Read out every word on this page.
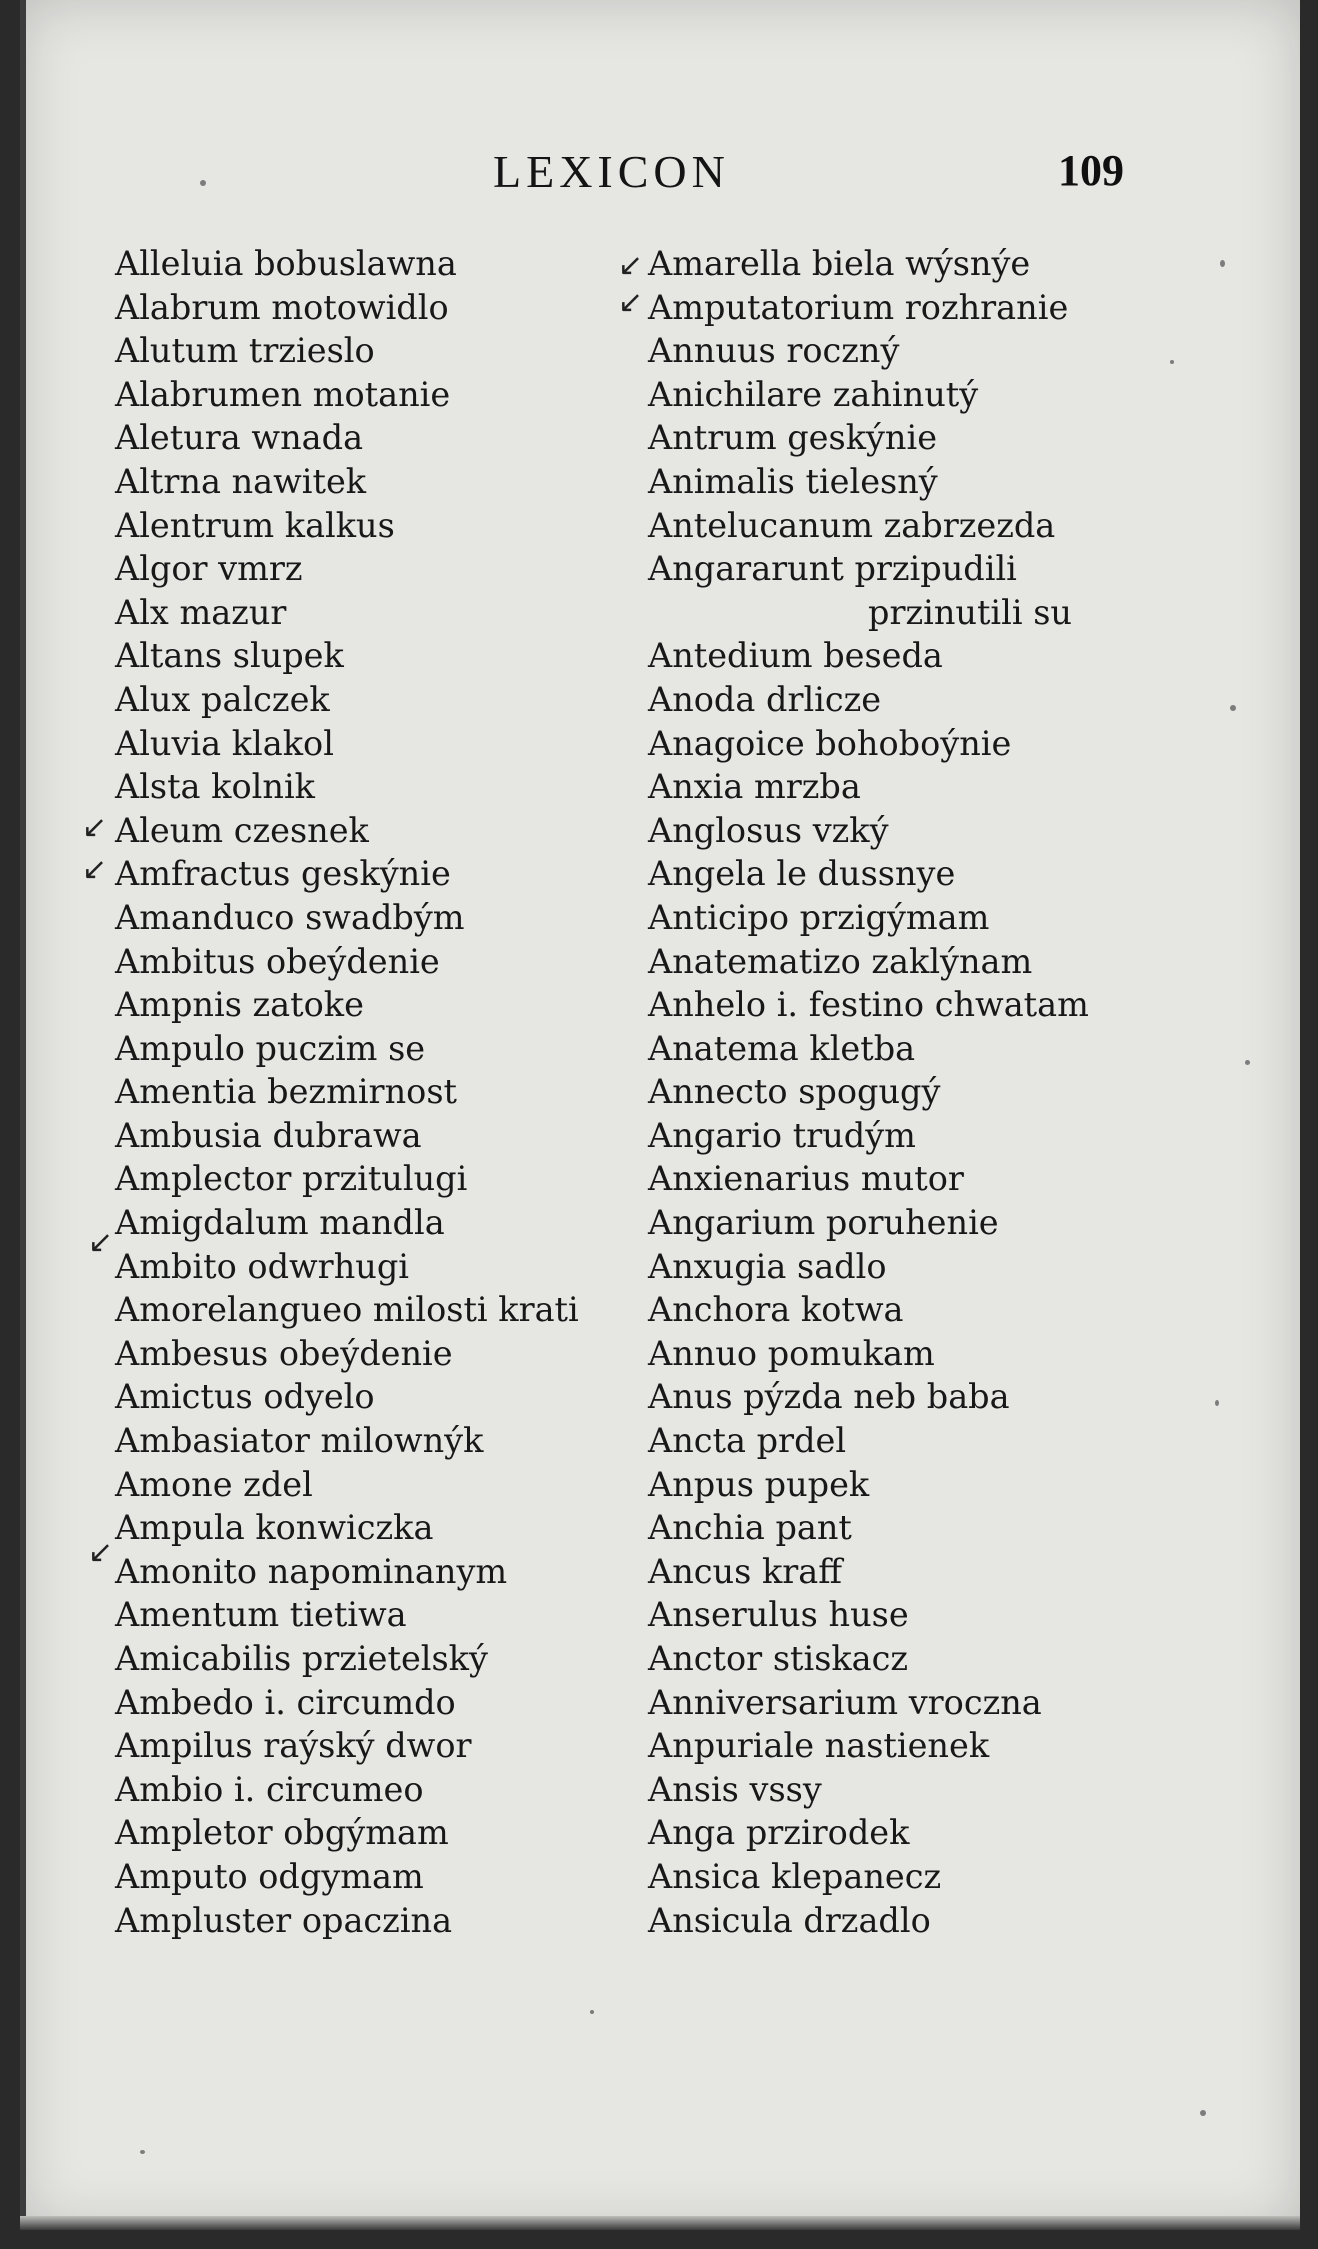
LEXICON	109
Alleluia bobuslawna
Alabrum motowidlo
Alutum trzieslo
Alabrumen motanie
Aletura wnada
Altrna nawitek
Alentrum kalkus
Algor vmrz
Alx mazur
Altans slupek
Alux palczek
Aluvia klakol
Alsta kolnik
Aleum czesnek
Amfractus geskýnie
Amanduco swadbým
Ambitus obeýdenie
Ampnis zatoke
Ampulo puczim se
Amentia bezmirnost
Ambusia dubrawa
Amplector przitulugi
Amigdalum mandla
Ambito odwrhugi
Amorelangueo milosti krati
Ambesus obeýdenie
Amictus odyelo
Ambasiator milownýk
Amone zdel
Ampula konwiczka
Amonito napominanym
Amentum tietiwa
Amicabilis przietelský
Ambedo i. circumdo
Ampilus raýský dwor
Ambio i. circumeo
Ampletor obgýmam
Amputo odgymam
Ampluster opaczina
Amarella biela wýsnýe
Amputatorium rozhranie
Annuus roczný
Anichilare zahinutý
Antrum geskýnie
Animalis tielesný
Antelucanum zabrzezda
Angararunt przipudili
przinutili su
Antedium beseda
Anoda drlicze
Anagoice bohoboýnie
Anxia mrzba
Anglosus vzký
Angela le dussnye
Anticipo przigýmam
Anatematizo zaklýnam
Anhelo i. festino chwatam
Anatema kletba
Annecto spogugý
Angario trudým
Anxienarius mutor
Angarium poruhenie
Anxugia sadlo
Anchora kotwa
Annuo pomukam
Anus pýzda neb baba
Ancta prdel
Anpus pupek
Anchia pant
Ancus kraff
Anserulus huse
Anctor stiskacz
Anniversarium vroczna
Anpuriale nastienek
Ansis vssy
Anga przirodek
Ansica klepanecz
Ansicula drzadlo
↙
↙
↙
↙
↙
↙
